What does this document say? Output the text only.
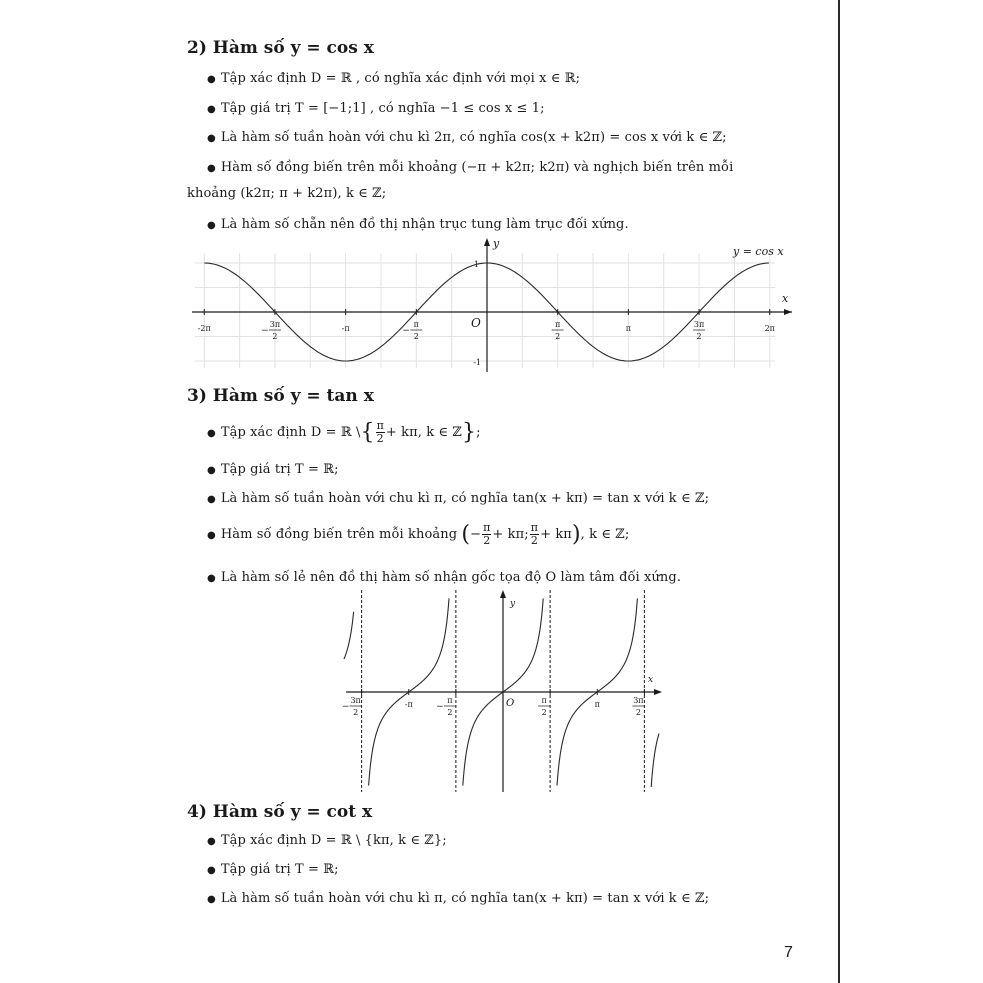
2) Hàm số y = cos x
● Tập xác định D = ℝ , có nghĩa xác định với mọi x ∈ ℝ;
● Tập giá trị T = [−1;1] , có nghĩa −1 ≤ cos x ≤ 1;
● Là hàm số tuần hoàn với chu kì 2π, có nghĩa cos(x + k2π) = cos x với k ∈ ℤ;
● Hàm số đồng biến trên mỗi khoảng (−π + k2π; k2π) và nghịch biến trên mỗi
khoảng (k2π; π + k2π), k ∈ ℤ;
● Là hàm số chẵn nên đồ thị nhận trục tung làm trục đối xứng.
-2π	3π
2
−	-π	π
2
−
π
2
π	3π
2
2π
1
-1
O
x
y
y = cos x
3) Hàm số y = tan x
● Tập xác định D = ℝ \{ $\frac{\pi}{2} + k\pi$, k ∈ ℤ};
● Tập giá trị T = ℝ;
● Là hàm số tuần hoàn với chu kì π, có nghĩa tan(x + kπ) = tan x với k ∈ ℤ;
● Hàm số đồng biến trên mỗi khoảng (− $\frac{\pi}{2} + k\pi$; $\frac{\pi}{2} + k\pi$), k ∈ ℤ;
● Là hàm số lẻ nên đồ thị hàm số nhận gốc tọa độ O làm tâm đối xứng.
3π
2
−	-π	π
2
−
π
2
π	3π
2
O
x
y
4) Hàm số y = cot x
● Tập xác định D = ℝ \ {kπ, k ∈ ℤ};
● Tập giá trị T = ℝ;
● Là hàm số tuần hoàn với chu kì π, có nghĩa tan(x + kπ) = tan x với k ∈ ℤ;
7
